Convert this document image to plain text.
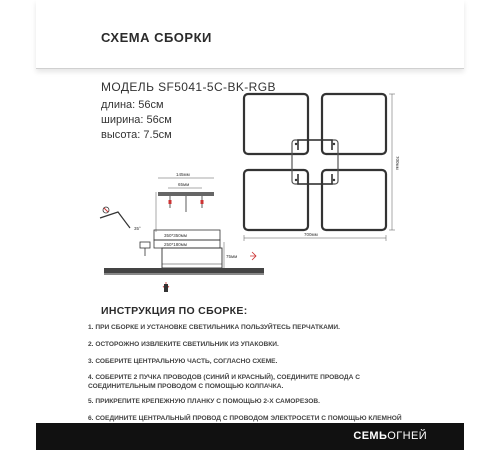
СХЕМА СБОРКИ
МОДЕЛЬ SF5041-5C-BK-RGB
длина: 56см
ширина: 56см
высота: 7.5см
700мм
700мм
145мм
65мм
35°
350*350мм
250*180мм
75мм
ИНСТРУКЦИЯ ПО СБОРКЕ:
1. ПРИ СБОРКЕ И УСТАНОВКЕ СВЕТИЛЬНИКА ПОЛЬЗУЙТЕСЬ ПЕРЧАТКАМИ.
2. ОСТОРОЖНО ИЗВЛЕКИТЕ СВЕТИЛЬНИК ИЗ УПАКОВКИ.
3. СОБЕРИТЕ ЦЕНТРАЛЬНУЮ ЧАСТЬ, СОГЛАСНО СХЕМЕ.
4. СОБЕРИТЕ 2 ПУЧКА ПРОВОДОВ (СИНИЙ И КРАСНЫЙ), СОЕДИНИТЕ ПРОВОДА С СОЕДИНИТЕЛЬНЫМ ПРОВОДОМ С ПОМОЩЬЮ КОЛПАЧКА.
5. ПРИКРЕПИТЕ КРЕПЕЖНУЮ ПЛАНКУ С ПОМОЩЬЮ 2-Х САМОРЕЗОВ.
6. СОЕДИНИТЕ ЦЕНТРАЛЬНЫЙ ПРОВОД С ПРОВОДОМ ЭЛЕКТРОСЕТИ С ПОМОЩЬЮ КЛЕМНОЙ
СЕМЬОГНЕЙ
